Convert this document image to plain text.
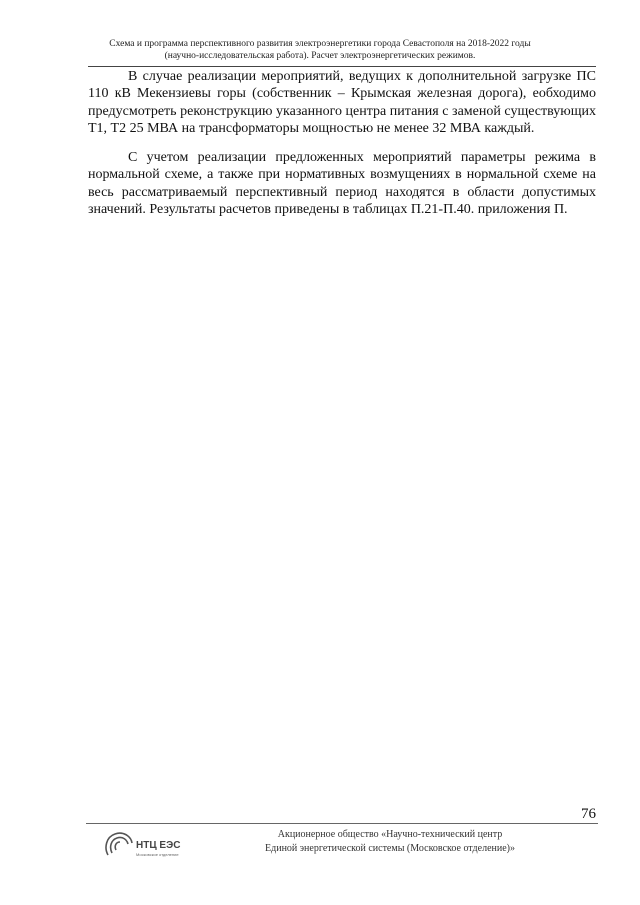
Схема и программа перспективного развития электроэнергетики города Севастополя на 2018-2022 годы
(научно-исследовательская работа). Расчет электроэнергетических режимов.

В случае реализации мероприятий, ведущих к дополнительной загрузке ПС 110 кВ Мекензиевы горы (собственник – Крымская железная дорога), еобходимо предусмотреть реконструкцию указанного центра питания с заменой существующих Т1, Т2 25 МВА на трансформаторы мощностью не менее 32 МВА каждый.

С учетом реализации предложенных мероприятий параметры режима в нормальной схеме, а также при нормативных возмущениях в нормальной схеме на весь рассматриваемый перспективный период находятся в области допустимых значений. Результаты расчетов приведены в таблицах П.21-П.40. приложения П.

76
НТЦ ЕЭС
Московское отделение
Акционерное общество «Научно-технический центр
Единой энергетической системы (Московское отделение)»
